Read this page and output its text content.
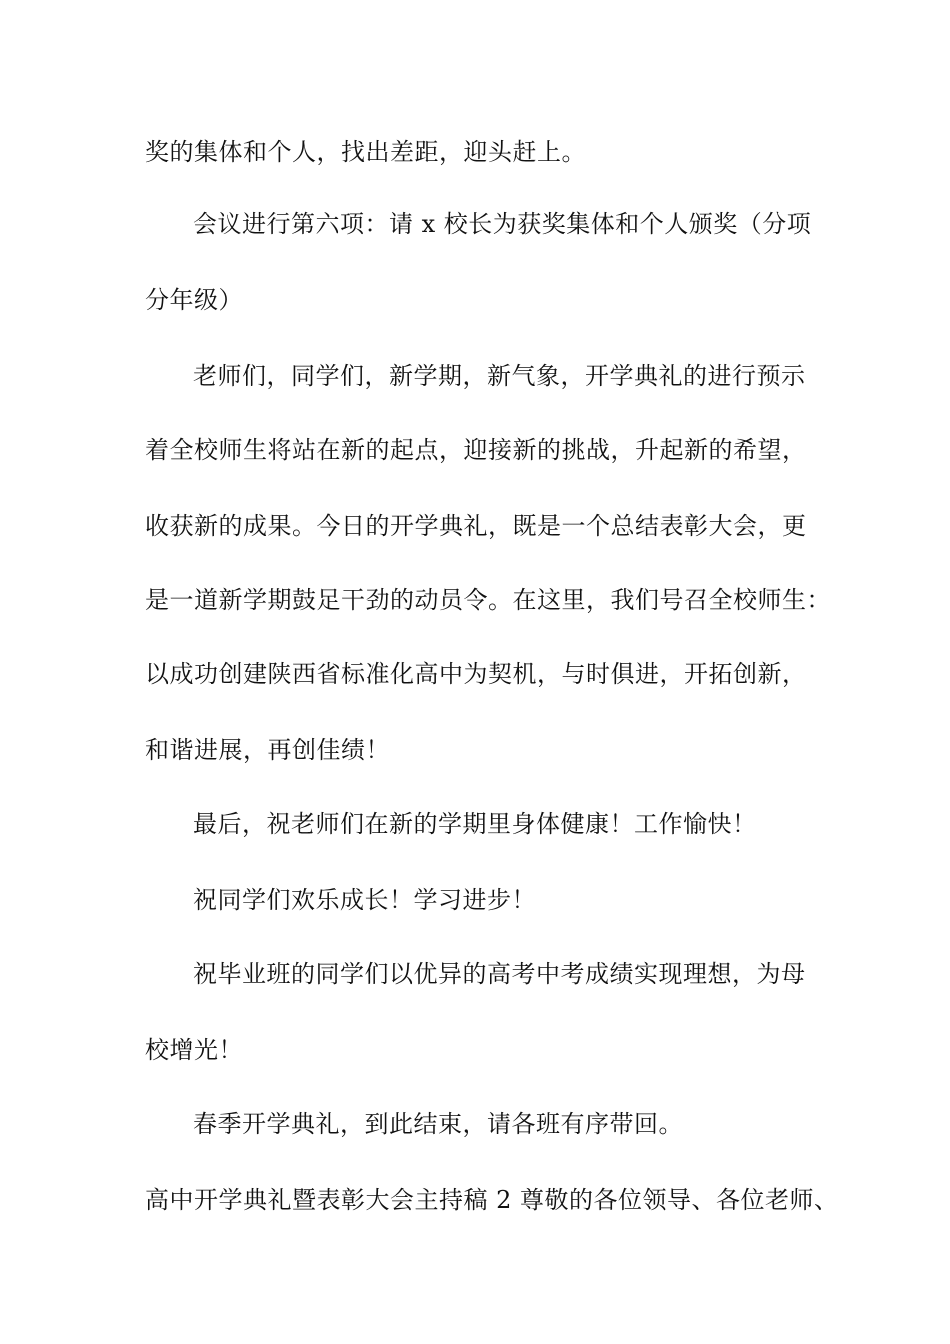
奖的集体和个人，找出差距，迎头赶上。
会议进行第六项：请 x 校长为获奖集体和个人颁奖（分项
分年级）
老师们，同学们，新学期，新气象，开学典礼的进行预示
着全校师生将站在新的起点，迎接新的挑战，升起新的希望，
收获新的成果。今日的开学典礼，既是一个总结表彰大会，更
是一道新学期鼓足干劲的动员令。在这里，我们号召全校师生：
以成功创建陕西省标准化高中为契机，与时俱进，开拓创新，
和谐进展，再创佳绩！
最后，祝老师们在新的学期里身体健康！工作愉快！
祝同学们欢乐成长！学习进步！
祝毕业班的同学们以优异的高考中考成绩实现理想，为母
校增光！
春季开学典礼，到此结束，请各班有序带回。
高中开学典礼暨表彰大会主持稿 2 尊敬的各位领导、各位老师、
